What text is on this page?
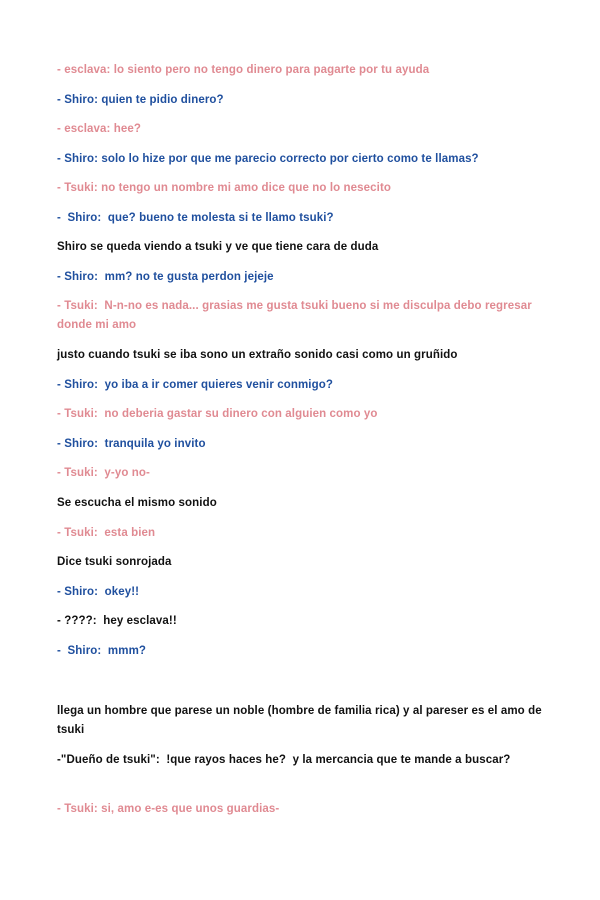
- esclava: lo siento pero no tengo dinero para pagarte por tu ayuda

- Shiro: quien te pidio dinero?

- esclava: hee?

- Shiro: solo lo hize por que me parecio correcto por cierto como te llamas?

- Tsuki: no tengo un nombre mi amo dice que no lo nesecito

-  Shiro:  que? bueno te molesta si te llamo tsuki?

Shiro se queda viendo a tsuki y ve que tiene cara de duda

- Shiro:  mm? no te gusta perdon jejeje

- Tsuki:  N-n-no es nada... grasias me gusta tsuki bueno si me disculpa debo regresar donde mi amo

justo cuando tsuki se iba sono un extraño sonido casi como un gruñido

- Shiro:  yo iba a ir comer quieres venir conmigo?

- Tsuki:  no deberia gastar su dinero con alguien como yo

- Shiro:  tranquila yo invito

- Tsuki:  y-yo no-

Se escucha el mismo sonido

- Tsuki:  esta bien

Dice tsuki sonrojada

- Shiro:  okey!!

- ????:  hey esclava!!

-  Shiro:  mmm?

llega un hombre que parese un noble (hombre de familia rica) y al pareser es el amo de tsuki

-"Dueño de tsuki":  !que rayos haces he?  y la mercancia que te mande a buscar?

- Tsuki: si, amo e-es que unos guardias-
